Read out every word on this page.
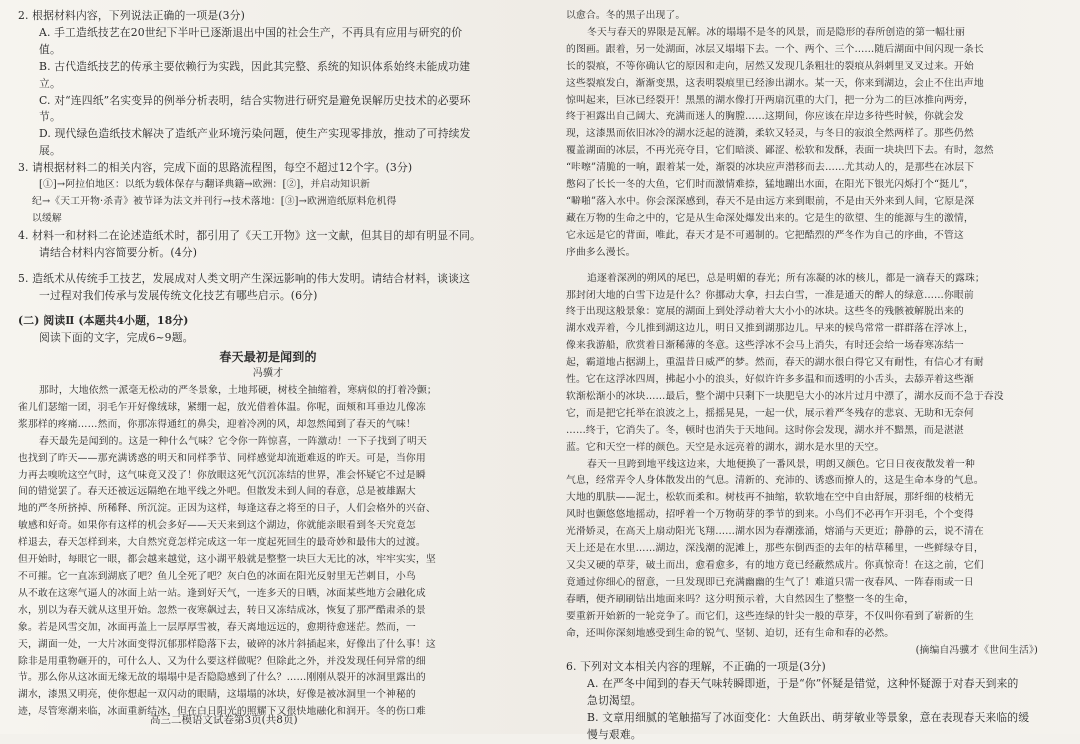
2. 根据材料内容，下列说法正确的一项是(3分)
A. 手工造纸技艺在20世纪下半叶已逐渐退出中国的社会生产，不再具有应用与研究的价
值。
B. 古代造纸技艺的传承主要依赖行为实践，因此其完整、系统的知识体系始终未能成功建
立。
C. 对“连四纸”名实变异的例举分析表明，结合实物进行研究是避免误解历史技术的必要环
节。
D. 现代绿色造纸技术解决了造纸产业环境污染问题，使生产实现零排放，推动了可持续发
展。
3. 请根据材料二的相关内容，完成下面的思路流程图，每空不超过12个字。(3分)
[①]→阿拉伯地区：以纸为载体保存与翻译典籍→欧洲：[②]，并启动知识新
纪→《天工开物·杀青》被节译为法文并刊行→技术落地：[③]→欧洲造纸原料危机得
以缓解
4. 材料一和材料二在论述造纸术时，都引用了《天工开物》这一文献，但其目的却有明显不同。
请结合材料内容简要分析。(4分)
5. 造纸术从传统手工技艺，发展成对人类文明产生深远影响的伟大发明。请结合材料，谈谈这
一过程对我们传承与发展传统文化技艺有哪些启示。(6分)
(二) 阅读Ⅱ (本题共4小题，18分)
阅读下面的文字，完成6~9题。
春天最初是闻到的
冯骥才
那时，大地依然一派毫无松动的严冬景象，土地邦硬，树枝全抽缩着，寒病似的打着冷颤；
雀儿们瑟缩一团，羽毛乍开好像绒球，紧绷一起，放光借着体温。你呢，面颊和耳垂边儿像冻
浆那样的疼痛……然而，你那冻得通红的鼻尖，迎着冷冽的风，却忽然闻到了春天的气味！
春天最先是闻到的。这是一种什么气味？它令你一阵惊喜，一阵激动！一下子找到了明天
也找到了昨天——那充满诱惑的明天和同样季节、同样感觉却流逝难返的昨天。可是，当你用
力再去嗅吮这空气时，这气味竟又没了！你放眼这死气沉沉冻结的世界，准会怀疑它不过是瞬
间的错觉罢了。春天还被远远隔绝在地平线之外吧。但散发未到人间的春意，总是被雄踞大
地的严冬所挤掉、所稀释、所沉淀。正因为这样，每逢这春之将至的日子，人们会格外的兴奋、
敏感和好奇。如果你有这样的机会多好——天天来到这个湖边，你就能亲眼看到冬天究竟怎
样退去，春天怎样到来，大自然究竟怎样完成这一年一度起死回生的最奇妙和最伟大的过渡。
但开始时，每眼它一眼，都会越来越觉，这小湖平般就是整整一块巨大无比的冰，牢牢实实，坚
不可摧。它一直冻到湖底了吧？鱼儿全死了吧？灰白色的冰面在阳光反射里无芒刺目，小鸟
从不敢在这寒气逼人的冰面上站一站。逢到好天气，一连多天的日晒，冰面某些地方会融化成
水，别以为春天就从这里开始。忽然一夜寒飙过去，转日又冻结成冰，恢复了那严酷肃杀的景
象。若是风雪交加，冰面再盖上一层厚厚雪被，春天离地远远的，愈期待愈迷茫。然而，一
天，湖面一处，一大片冰面变得沉郁那样隐落下去，破碎的冰片斜插起来，好像出了什么事！这
除非是用重物砸开的，可什么人、又为什么要这样做呢？但除此之外，并没发现任何异常的细
节。那么你从这冰面无缘无故的塌塌中是否隐隐感到了什么？……刚刚从裂开的冰洞里露出的
湖水，漆黑又明亮，使你想起一双闪动的眼睛，这塌塌的冰块，好像是被冰洞里一个神秘的
迹，尽管寒潮来临，冰面重新结冰，但在白日阳光的照耀下又很快地融化和润开。冬的伤口难
以愈合。冬的黑子出现了。
冬天与春天的界限是瓦解。冰的塌塌不是冬的风景，而是隐形的春所创造的第一幅壮丽
的图画。跟着，另一处湖面，冰层又塌塌下去。一个、两个、三个……随后湖面中间闪现一条长
长的裂痕，不等你确认它的原因和走向，居然又发现几条粗壮的裂痕从斜刺里叉叉过来。开始
这些裂痕发白，渐渐变黑，这表明裂痕里已经渗出湖水。某一天，你来到湖边，会止不住出声地
惊叫起来，巨冰已经裂开！黑黑的湖水像打开两扇沉重的大门，把一分为二的巨冰推向两旁，
终于袒露出自己阔大、充满而迷人的胸膛……这期间，你应该在岸边多待些时候，你就会发
现，这漆黑而依旧冰冷的湖水泛起的涟漪，柔软又轻灵，与冬日的寂浪全然两样了。那些仍然
覆盖湖面的冰层，不再光亮夺目，它们暗淡、鄙涩、松软和发酥，表面一块块凹下去。有时，忽然
“咔嚓”清脆的一响，跟着某一处，渐裂的冰块应声潜移而去……尤其动人的，是那些在冰层下
憋闷了长长一冬的大鱼，它们时而激情难捺，猛地蹦出水面，在阳光下银光闪烁打个“挺儿”，
“噼啪”落入水中。你会深深感到，春天不是由远方来到眼前，不是由天外来到人间，它原是深
藏在万物的生命之中的，它是从生命深处爆发出来的。它是生的欲望、生的能源与生的激情，
它永远是它的背面，唯此，春天才是不可遏制的。它把酷烈的严冬作为自己的序曲，不管这
序曲多么漫长。
追逐着深冽的朔风的尾巴，总是明媚的春光；所有冻凝的冰的核儿，都是一滴春天的露珠；
那封闭大地的白雪下边是什么？你挪动大拿，扫去白雪，一准是通天的醉人的绿意……你眼前
终于出现这般景象：宽展的湖面上到处浮动着大大小小的冰块。这些冬的残骸被解脱出来的
湖水戏弄着，今儿推到湖这边儿，明日又推到湖那边儿。早来的候鸟常常一群群落在浮冰上，
像来我游船，欣赏着日渐稀薄的冬意。这些浮冰不会马上消失，有时还会给一场春寒冻结一
起，霸道地占据湖上，重温昔日威严的梦。然而，春天的湖水很白得它又有耐性，有信心才有耐
性。它在这浮冰四周，拂起小小的浪头，好似许许多多温和而透明的小舌头，去舔弄着这些渐
软渐松渐小的冰块……最后，整个湖中只剩下一块肥皂大小的冰片过月中漂了，湖水反而不急于吞没
它，而是把它托举在浪波之上，摇摇晃晃，一起一伏，展示着严冬残存的悲哀、无助和无奈何
……终于，它消失了。冬，顿时也消失于天地间。这时你会发现，湖水并不黯黑，而是湛湛
蓝。它和天空一样的颜色。天空是永远亮着的湖水，湖水是水里的天空。
春天一旦跨到地平线这边来，大地便换了一番风景，明朗又颜色。它日日夜夜散发着一种
气息，经常弄令人身体散发出的气息。清新的、充沛的、诱惑而撩人的，这是生命本身的气息。
大地的肌肤——泥土，松软而柔和。树枝再不抽缩，软软地在空中自由舒展，那纤细的枝梢无
风时也颤悠悠地摇动，招呼着一个万物萌芽的季节的到来。小鸟们不必再乍开羽毛，个个变得
光滑娇灵，在高天上扇动阳光飞翔……湖水因为春潮涨涌，熔涌与天更近；静静的云，说不清在
天上还是在水里……湖边，深浅潮的泥滩上，那些东倒西歪的去年的枯草稀里，一些鲜绿夺目，
又尖又硬的草芽，破土而出，愈看愈多，有的地方竟已经蔽然成片。你真惊奇！在这之前，它们
竟通过你细心的留意，一旦发现即已充满幽幽的生气了！难道只需一夜春风、一阵春雨或一日
春晒，便齐刷刷钻出地面来吗？这分明预示着，大自然因生了整整一冬的生命，
要重新开始新的一轮竞争了。而它们，这些连绿的针尖一般的草芽，不仅叫你看到了崭新的生
命，还叫你深刻地感受到生命的锐气、坚韧、迫切，还有生命和春的必然。
(摘编自冯骥才《世间生活》)
6. 下列对文本相关内容的理解，不正确的一项是(3分)
A. 在严冬中闻到的春天气味转瞬即逝，于是“你”怀疑是错觉，这种怀疑源于对春天到来的
急切渴望。
B. 文章用细腻的笔触描写了冰面变化：大鱼跃出、萌芽敏业等景象，意在表现春天来临的缓
慢与艰难。
高三二模语文试卷第3页(共8页)
